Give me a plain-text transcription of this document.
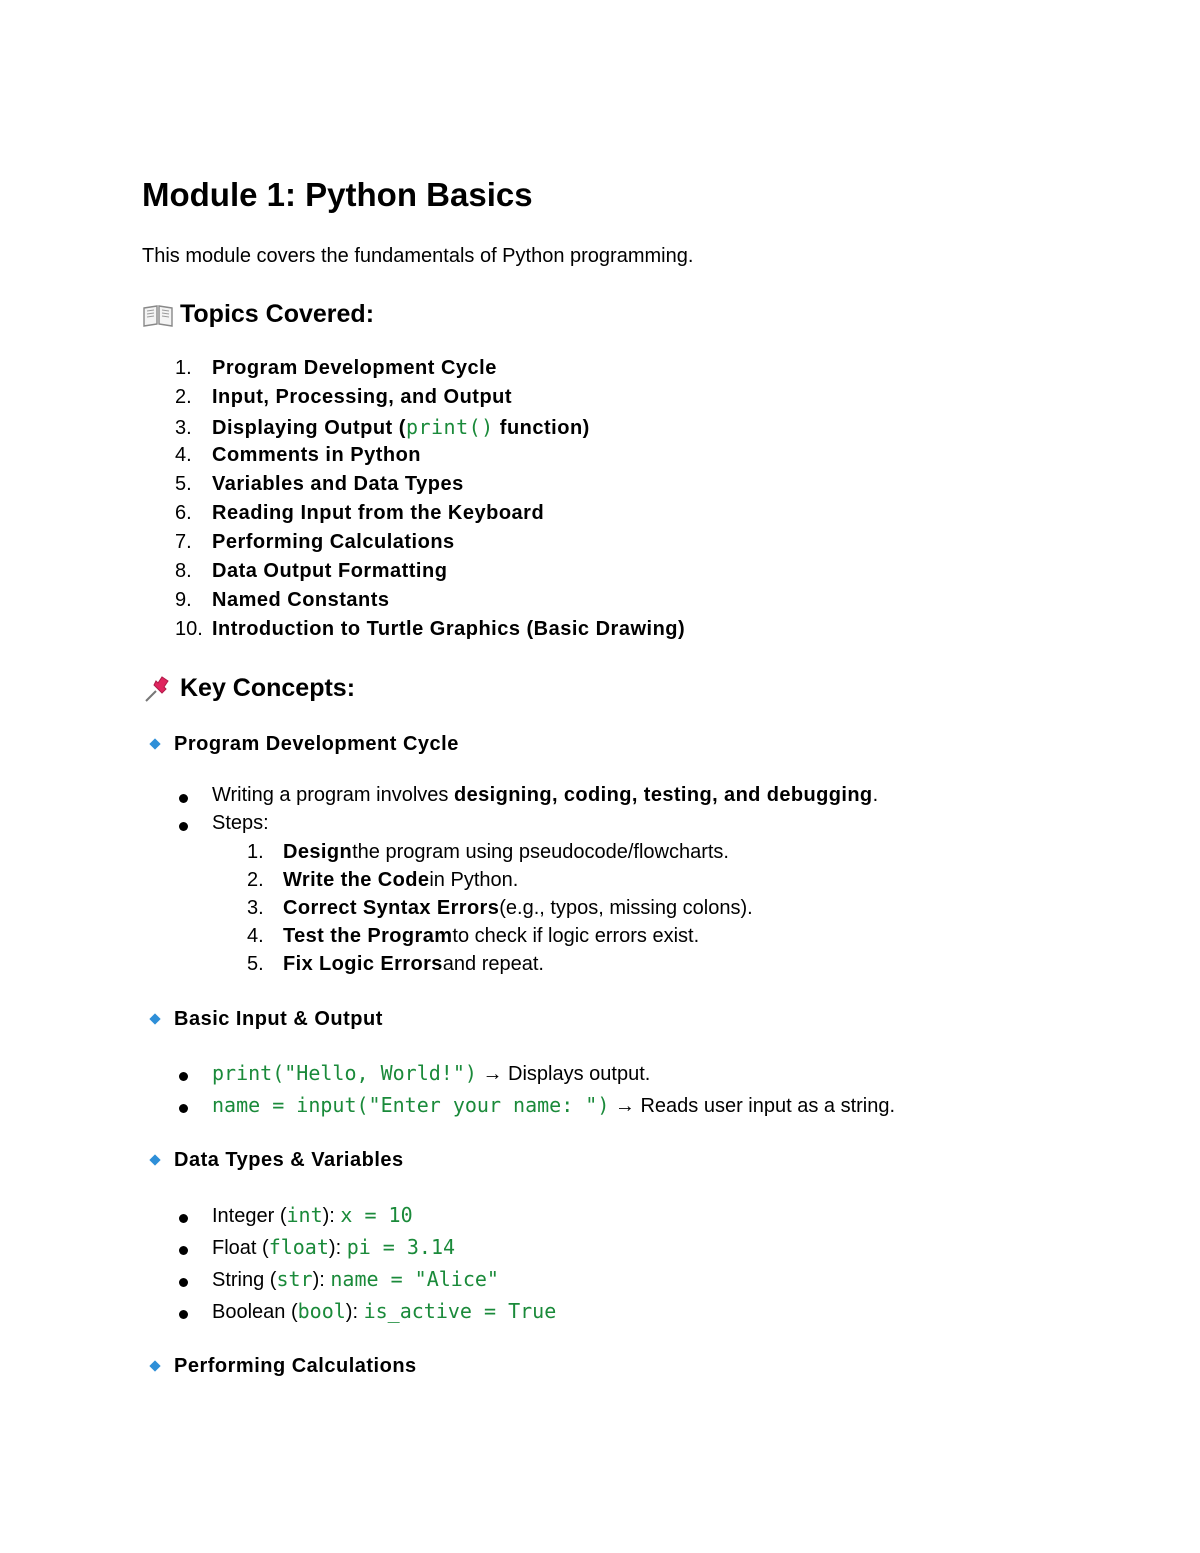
Module 1: Python Basics

This module covers the fundamentals of Python programming.

Topics Covered:
1.	Program Development Cycle
2.	Input, Processing, and Output
3.	Displaying Output (print() function)
4.	Comments in Python
5.	Variables and Data Types
6.	Reading Input from the Keyboard
7.	Performing Calculations
8.	Data Output Formatting
9.	Named Constants
10. Introduction to Turtle Graphics (Basic Drawing)
Key Concepts:
Program Development Cycle
Writing a program involves designing, coding, testing, and debugging.
Steps:
1. Design the program using pseudocode/flowcharts.
2. Write the Code in Python.
3. Correct Syntax Errors (e.g., typos, missing colons).
4. Test the Program to check if logic errors exist.
5. Fix Logic Errors and repeat.
Basic Input & Output
print("Hello, World!") → Displays output.
name = input("Enter your name: ") → Reads user input as a string.
Data Types & Variables
Integer (int): x = 10
Float (float): pi = 3.14
String (str): name = "Alice"
Boolean (bool): is_active = True
Performing Calculations
